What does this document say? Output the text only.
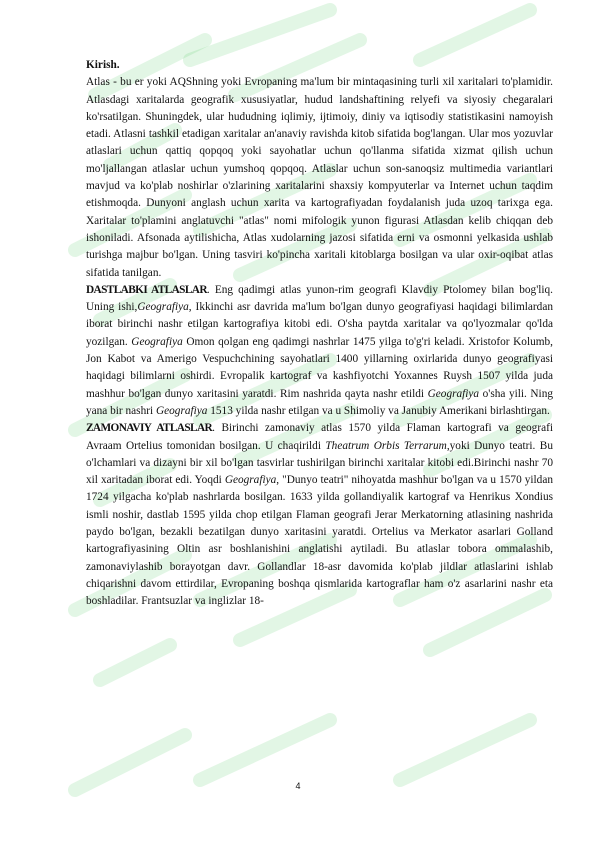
Kirish.

Atlas - bu er yoki AQShning yoki Evropaning ma'lum bir mintaqasining turli xil xaritalari to'plamidir. Atlasdagi xaritalarda geografik xususiyatlar, hudud landshaftining relyefi va siyosiy chegaralari ko'rsatilgan. Shuningdek, ular hududning iqlimiy, ijtimoiy, diniy va iqtisodiy statistikasini namoyish etadi. Atlasni tashkil etadigan xaritalar an'anaviy ravishda kitob sifatida bog'langan. Ular mos yozuvlar atlaslari uchun qattiq qopqoq yoki sayohatlar uchun qo'llanma sifatida xizmat qilish uchun mo'ljallangan atlaslar uchun yumshoq qopqoq. Atlaslar uchun son-sanoqsiz multimedia variantlari mavjud va ko'plab noshirlar o'zlarining xaritalarini shaxsiy kompyuterlar va Internet uchun taqdim etishmoqda. Dunyoni anglash uchun xarita va kartografiyadan foydalanish juda uzoq tarixga ega. Xaritalar to'plamini anglatuvchi "atlas" nomi mifologik yunon figurasi Atlasdan kelib chiqqan deb ishoniladi. Afsonada aytilishicha, Atlas xudolarning jazosi sifatida erni va osmonni yelkasida ushlab turishga majbur bo'lgan. Uning tasviri ko'pincha xaritali kitoblarga bosilgan va ular oxir-oqibat atlas sifatida tanilgan.

DASTLABKI ATLASLAR. Eng qadimgi atlas yunon-rim geografi Klavdiy Ptolomey bilan bog'liq. Uning ishi,Geografiya, Ikkinchi asr davrida ma'lum bo'lgan dunyo geografiyasi haqidagi bilimlardan iborat birinchi nashr etilgan kartografiya kitobi edi. O'sha paytda xaritalar va qo'lyozmalar qo'lda yozilgan. Geografiya Omon qolgan eng qadimgi nashrlar 1475 yilga to'g'ri keladi. Xristofor Kolumb, Jon Kabot va Amerigo Vespuchchining sayohatlari 1400 yillarning oxirlarida dunyo geografiyasi haqidagi bilimlarni oshirdi. Evropalik kartograf va kashfiyotchi Yoxannes Ruysh 1507 yilda juda mashhur bo'lgan dunyo xaritasini yaratdi. Rim nashrida qayta nashr etildi Geografiya o'sha yili. Ning yana bir nashri Geografiya 1513 yilda nashr etilgan va u Shimoliy va Janubiy Amerikani birlashtirgan.

ZAMONAVIY ATLASLAR. Birinchi zamonaviy atlas 1570 yilda Flaman kartografi va geografi Avraam Ortelius tomonidan bosilgan. U chaqirildi Theatrum Orbis Terrarum,yoki Dunyo teatri. Bu o'lchamlari va dizayni bir xil bo'lgan tasvirlar tushirilgan birinchi xaritalar kitobi edi.Birinchi nashr 70 xil xaritadan iborat edi. Yoqdi Geografiya, "Dunyo teatri" nihoyatda mashhur bo'lgan va u 1570 yildan 1724 yilgacha ko'plab nashrlarda bosilgan. 1633 yilda gollandiyalik kartograf va Henrikus Xondius ismli noshir, dastlab 1595 yilda chop etilgan Flaman geografi Jerar Merkatorning atlasining nashrida paydo bo'lgan, bezakli bezatilgan dunyo xaritasini yaratdi. Ortelius va Merkator asarlari Golland kartografiyasining Oltin asr boshlanishini anglatishi aytiladi. Bu atlaslar tobora ommalashib, zamonaviylashib borayotgan davr. Gollandlar 18-asr davomida ko'plab jildlar atlaslarini ishlab chiqarishni davom ettirdilar, Evropaning boshqa qismlarida kartograflar ham o'z asarlarini nashr eta boshladilar. Frantsuzlar va inglizlar 18-

4
